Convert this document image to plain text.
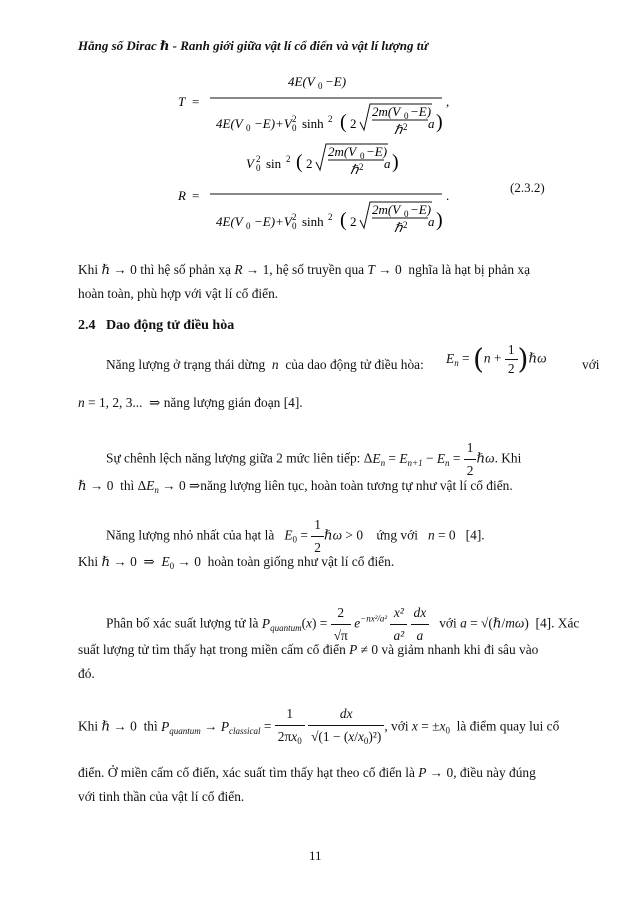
Hằng số Dirac ℏ - Ranh giới giữa vật lí cổ điển và vật lí lượng tử
T =
4E(V 0 −E)
4E(V 0 −E)+V 0
2 sinh 2 ( 2
2m(V 0 −E)
ℏ 2 a )
,
R =
V 0
2 sin 2 ( 2
2m(V 0 −E)
ℏ 2 a )
4E(V 0 −E)+V 0
2 sinh 2 ( 2
2m(V 0 −E)
ℏ 2 a )
.
(2.3.2)
Khi ℏ → 0 thì hệ số phản xạ R → 1, hệ số truyền qua T → 0  nghĩa là hạt bị phản xạ
hoàn toàn, phù hợp với vật lí cổ điển.
2.4 Dao động tử điều hòa
Năng lượng ở trạng thái dừng n của dao động tử điều hòa: $E_n = (n + \frac{1}{2}$ )ℏω	với
n = 1, 2, 3...  ⇒ năng lượng gián đoạn [4].
Sự chênh lệch năng lượng giữa 2 mức liên tiếp: $\Delta E_n = E_{n+1} - E_n = \frac{1}{2}$ ℏω. Khi
ℏ → 0  thì $\Delta E_n \to 0$ ⇒năng lượng liên tục, hoàn toàn tương tự như vật lí cổ điển.
Năng lượng nhỏ nhất của hạt là $E_0 = \frac{1}{2}$ ℏω > 0    ứng với n = 0   [4].
Khi ℏ → 0  ⇒  $E_0 \to 0$  hoàn toàn giống như vật lí cổ điển.
Phân bố xác suất lượng tử là $P_{quantum}(x) = \frac{2}{√\pi} e^{-nx^2/a^2} \frac{\text{x²}}{\text{a²}}$
$\frac{dx}{a}$ với a = √(ℏ/mω)  [4]. Xác
suất lượng tử tìm thấy hạt trong miền cấm cổ điển P ≠ 0 và giảm nhanh khi đi sâu vào
đó.
Khi ℏ → 0  thì $P_{quantum} \to P_{classical} = \frac{1}{2\pi x_0}$
$\frac{dx}{√(1 - (x/x_0)^2)}$ , với $x = \pm x_0$ là điểm quay lui cổ
điển. Ở miền cấm cổ điển, xác suất tìm thấy hạt theo cổ điển là P → 0, điều này đúng
với tinh thần của vật lí cổ điển.
11
